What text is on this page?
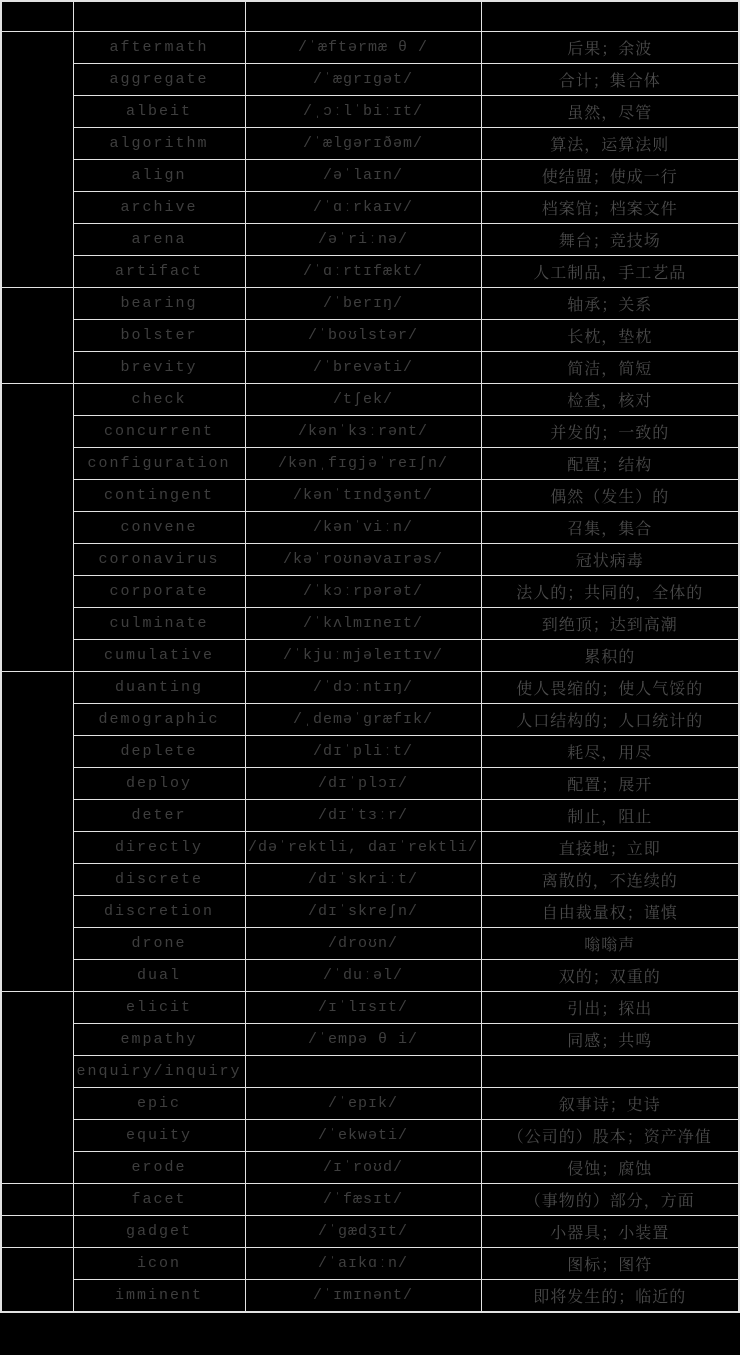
	aftermath	/ˈæftərmæ θ /	后果；余波
	aggregate	/ˈæɡrɪɡət/	合计；集合体
	albeit	/ˌɔːlˈbiːɪt/	虽然，尽管
	algorithm	/ˈælɡərɪðəm/	算法，运算法则
	align	/əˈlaɪn/	使结盟；使成一行
	archive	/ˈɑːrkaɪv/	档案馆；档案文件
	arena	/əˈriːnə/	舞台；竞技场
	artifact	/ˈɑːrtɪfækt/	人工制品，手工艺品
	bearing	/ˈberɪŋ/	轴承；关系
	bolster	/ˈboʊlstər/	长枕，垫枕
	brevity	/ˈbrevəti/	简洁，简短
	check	/tʃek/	检查，核对
	concurrent	/kənˈkɜːrənt/	并发的；一致的
	configuration	/kənˌfɪɡjəˈreɪʃn/	配置；结构
	contingent	/kənˈtɪndʒənt/	偶然（发生）的
	convene	/kənˈviːn/	召集，集合
	coronavirus	/kəˈroʊnəvaɪrəs/	冠状病毒
	corporate	/ˈkɔːrpərət/	法人的；共同的，全体的
	culminate	/ˈkʌlmɪneɪt/	到绝顶；达到高潮
	cumulative	/ˈkjuːmjəleɪtɪv/	累积的
	duanting	/ˈdɔːntɪŋ/	使人畏缩的；使人气馁的
	demographic	/ˌdeməˈɡræfɪk/	人口结构的；人口统计的
	deplete	/dɪˈpliːt/	耗尽，用尽
	deploy	/dɪˈplɔɪ/	配置；展开
	deter	/dɪˈtɜːr/	制止，阻止
	directly	/dəˈrektli, daɪˈrektli/	直接地；立即
	discrete	/dɪˈskriːt/	离散的，不连续的
	discretion	/dɪˈskreʃn/	自由裁量权；谨慎
	drone	/droʊn/	嗡嗡声
	dual	/ˈduːəl/	双的；双重的
	elicit	/ɪˈlɪsɪt/	引出；探出
	empathy	/ˈempə θ i/	同感；共鸣
	enquiry/inquiry		
	epic	/ˈepɪk/	叙事诗；史诗
	equity	/ˈekwəti/	（公司的）股本；资产净值
	erode	/ɪˈroʊd/	侵蚀；腐蚀
	facet	/ˈfæsɪt/	（事物的）部分，方面
	gadget	/ˈɡædʒɪt/	小器具；小装置
	icon	/ˈaɪkɑːn/	图标；图符
	imminent	/ˈɪmɪnənt/	即将发生的；临近的
